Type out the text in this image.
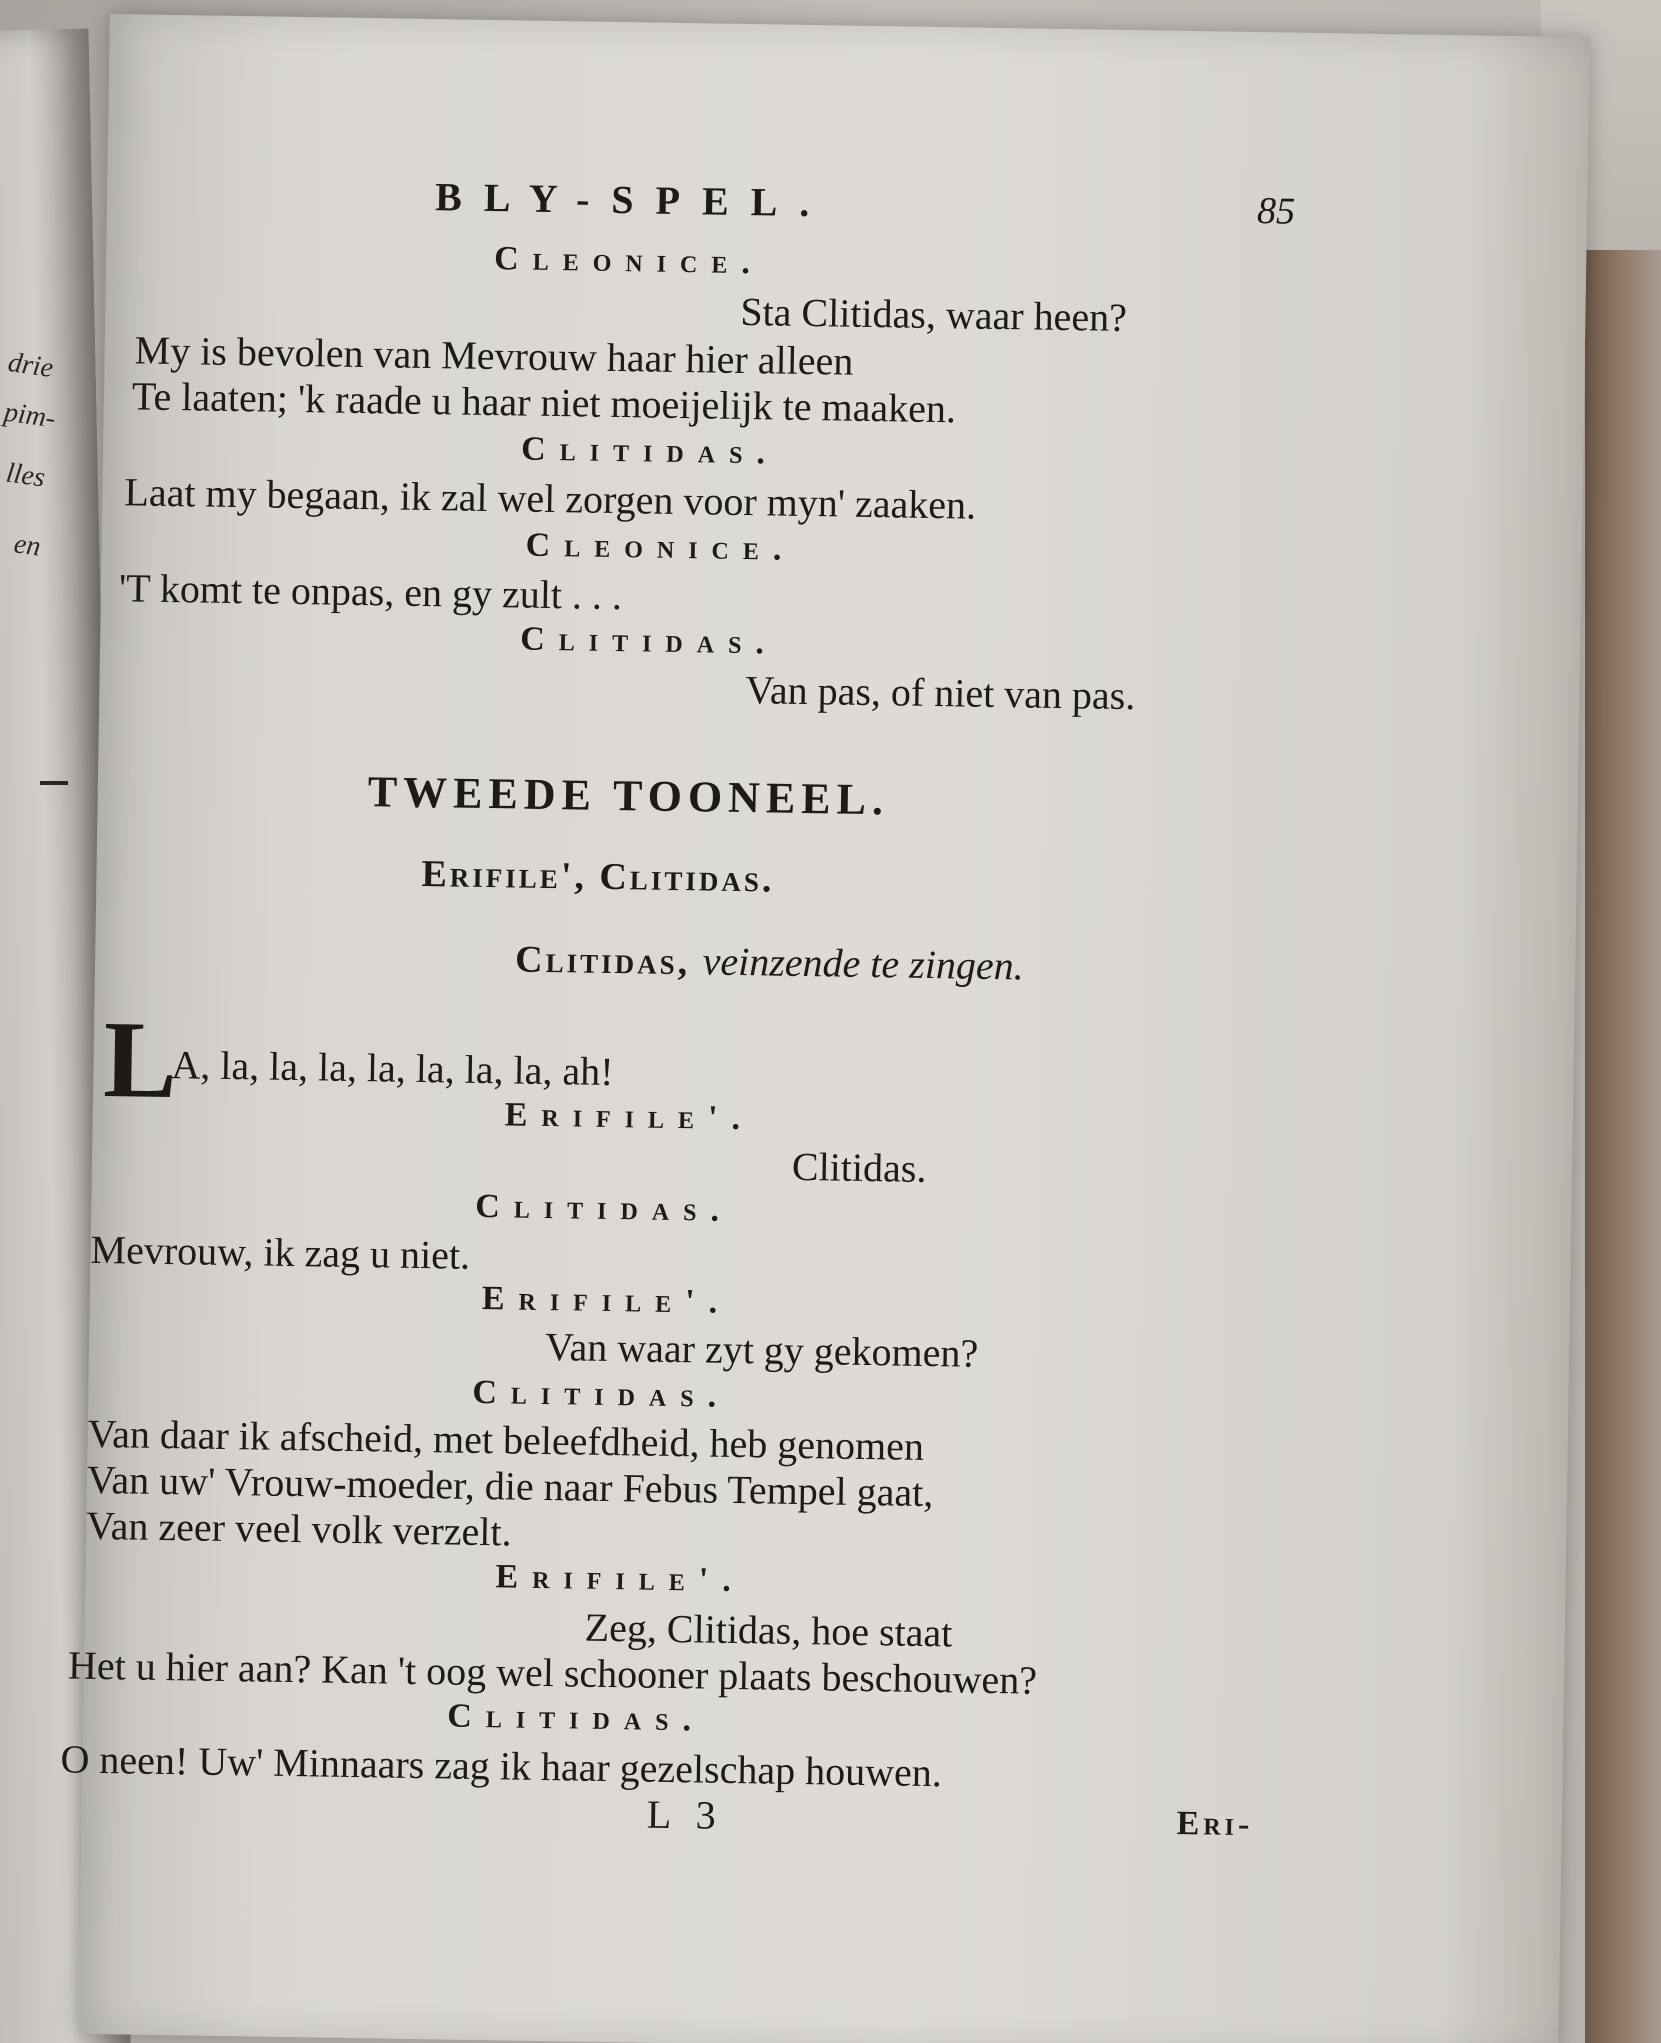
drie
pim-
lles
en
BLY-SPEL.	85
Cleonice.
Sta Clitidas, waar heen?
My is bevolen van Mevrouw haar hier alleen
Te laaten; 'k raade u haar niet moeijelijk te maaken.
Clitidas.
Laat my begaan, ik zal wel zorgen voor myn' zaaken.
Cleonice.
'T komt te onpas, en gy zult . . .
Clitidas.
Van pas, of niet van pas.
TWEEDE TOONEEL.
Erifile', Clitidas.
Clitidas, veinzende te zingen.
L
A, la, la, la, la, la, la, la, ah!
Erifile'.
Clitidas.
Clitidas.
Mevrouw, ik zag u niet.
Erifile'.
Van waar zyt gy gekomen?
Clitidas.
Van daar ik afscheid, met beleefdheid, heb genomen
Van uw' Vrouw-moeder, die naar Febus Tempel gaat,
Van zeer veel volk verzelt.
Erifile'.
Zeg, Clitidas, hoe staat
Het u hier aan? Kan 't oog wel schooner plaats beschouwen?
Clitidas.
O neen! Uw' Minnaars zag ik haar gezelschap houwen.
L 3	Eri-
